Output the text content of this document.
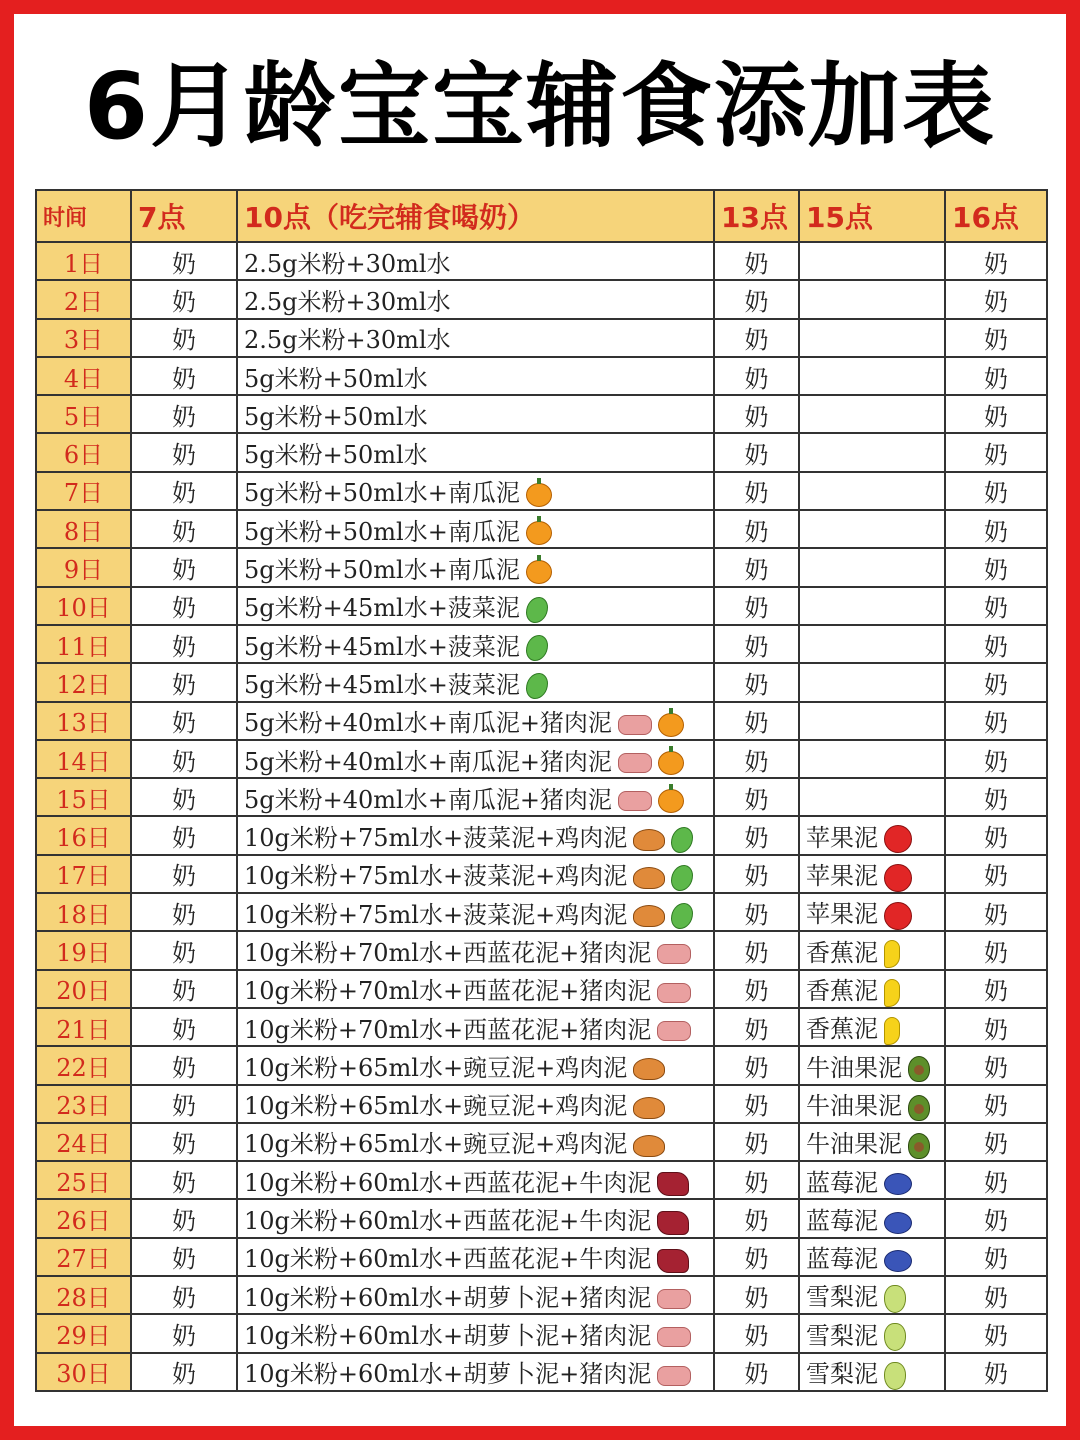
6月龄宝宝辅食添加表
时间	7点	10点（吃完辅食喝奶）	13点	15点	16点
1日	奶	2.5g米粉+30ml水	奶		奶
2日	奶	2.5g米粉+30ml水	奶		奶
3日	奶	2.5g米粉+30ml水	奶		奶
4日	奶	5g米粉+50ml水	奶		奶
5日	奶	5g米粉+50ml水	奶		奶
6日	奶	5g米粉+50ml水	奶		奶
7日	奶	5g米粉+50ml水+南瓜泥	奶		奶
8日	奶	5g米粉+50ml水+南瓜泥	奶		奶
9日	奶	5g米粉+50ml水+南瓜泥	奶		奶
10日	奶	5g米粉+45ml水+菠菜泥	奶		奶
11日	奶	5g米粉+45ml水+菠菜泥	奶		奶
12日	奶	5g米粉+45ml水+菠菜泥	奶		奶
13日	奶	5g米粉+40ml水+南瓜泥+猪肉泥	奶		奶
14日	奶	5g米粉+40ml水+南瓜泥+猪肉泥	奶		奶
15日	奶	5g米粉+40ml水+南瓜泥+猪肉泥	奶		奶
16日	奶	10g米粉+75ml水+菠菜泥+鸡肉泥	奶	苹果泥	奶
17日	奶	10g米粉+75ml水+菠菜泥+鸡肉泥	奶	苹果泥	奶
18日	奶	10g米粉+75ml水+菠菜泥+鸡肉泥	奶	苹果泥	奶
19日	奶	10g米粉+70ml水+西蓝花泥+猪肉泥	奶	香蕉泥	奶
20日	奶	10g米粉+70ml水+西蓝花泥+猪肉泥	奶	香蕉泥	奶
21日	奶	10g米粉+70ml水+西蓝花泥+猪肉泥	奶	香蕉泥	奶
22日	奶	10g米粉+65ml水+豌豆泥+鸡肉泥	奶	牛油果泥	奶
23日	奶	10g米粉+65ml水+豌豆泥+鸡肉泥	奶	牛油果泥	奶
24日	奶	10g米粉+65ml水+豌豆泥+鸡肉泥	奶	牛油果泥	奶
25日	奶	10g米粉+60ml水+西蓝花泥+牛肉泥	奶	蓝莓泥	奶
26日	奶	10g米粉+60ml水+西蓝花泥+牛肉泥	奶	蓝莓泥	奶
27日	奶	10g米粉+60ml水+西蓝花泥+牛肉泥	奶	蓝莓泥	奶
28日	奶	10g米粉+60ml水+胡萝卜泥+猪肉泥	奶	雪梨泥	奶
29日	奶	10g米粉+60ml水+胡萝卜泥+猪肉泥	奶	雪梨泥	奶
30日	奶	10g米粉+60ml水+胡萝卜泥+猪肉泥	奶	雪梨泥	奶
